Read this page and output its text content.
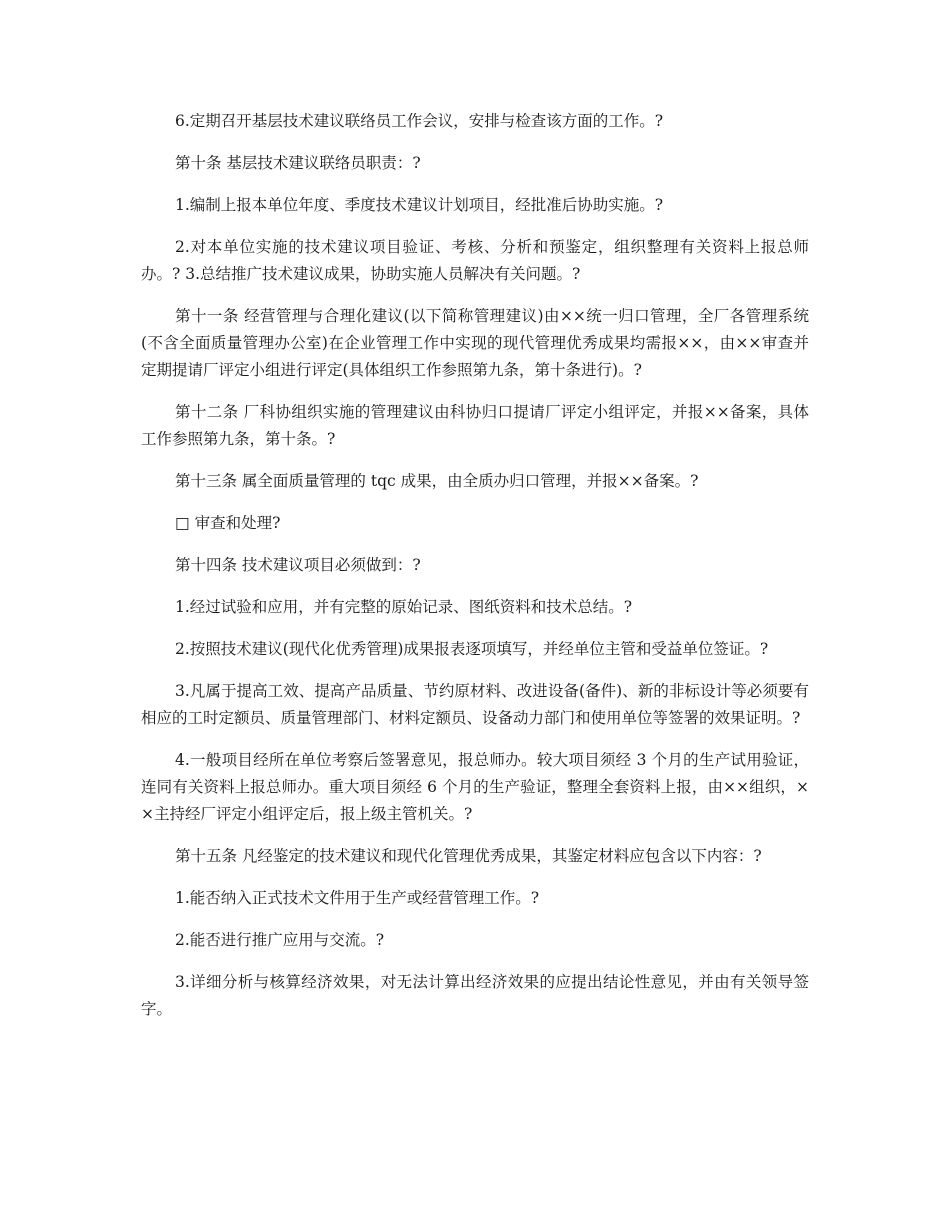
6.定期召开基层技术建议联络员工作会议，安排与检查该方面的工作。?

第十条 基层技术建议联络员职责：?

1.编制上报本单位年度、季度技术建议计划项目，经批准后协助实施。?

2.对本单位实施的技术建议项目验证、考核、分析和预鉴定，组织整理有关资料上报总师办。? 3.总结推广技术建议成果，协助实施人员解决有关问题。?

第十一条 经营管理与合理化建议(以下简称管理建议)由××统一归口管理，全厂各管理系统(不含全面质量管理办公室)在企业管理工作中实现的现代管理优秀成果均需报××，由××审查并定期提请厂评定小组进行评定(具体组织工作参照第九条，第十条进行)。?

第十二条 厂科协组织实施的管理建议由科协归口提请厂评定小组评定，并报××备案，具体工作参照第九条，第十条。?

第十三条 属全面质量管理的 tqc 成果，由全质办归口管理，并报××备案。?

□ 审查和处理?

第十四条 技术建议项目必须做到：?

1.经过试验和应用，并有完整的原始记录、图纸资料和技术总结。?

2.按照技术建议(现代化优秀管理)成果报表逐项填写，并经单位主管和受益单位签证。?

3.凡属于提高工效、提高产品质量、节约原材料、改进设备(备件)、新的非标设计等必须要有相应的工时定额员、质量管理部门、材料定额员、设备动力部门和使用单位等签署的效果证明。?

4.一般项目经所在单位考察后签署意见，报总师办。较大项目须经 3 个月的生产试用验证，连同有关资料上报总师办。重大项目须经 6 个月的生产验证，整理全套资料上报，由××组织，××主持经厂评定小组评定后，报上级主管机关。?

第十五条 凡经鉴定的技术建议和现代化管理优秀成果，其鉴定材料应包含以下内容：?

1.能否纳入正式技术文件用于生产或经营管理工作。?

2.能否进行推广应用与交流。?

3.详细分析与核算经济效果，对无法计算出经济效果的应提出结论性意见，并由有关领导签字。
